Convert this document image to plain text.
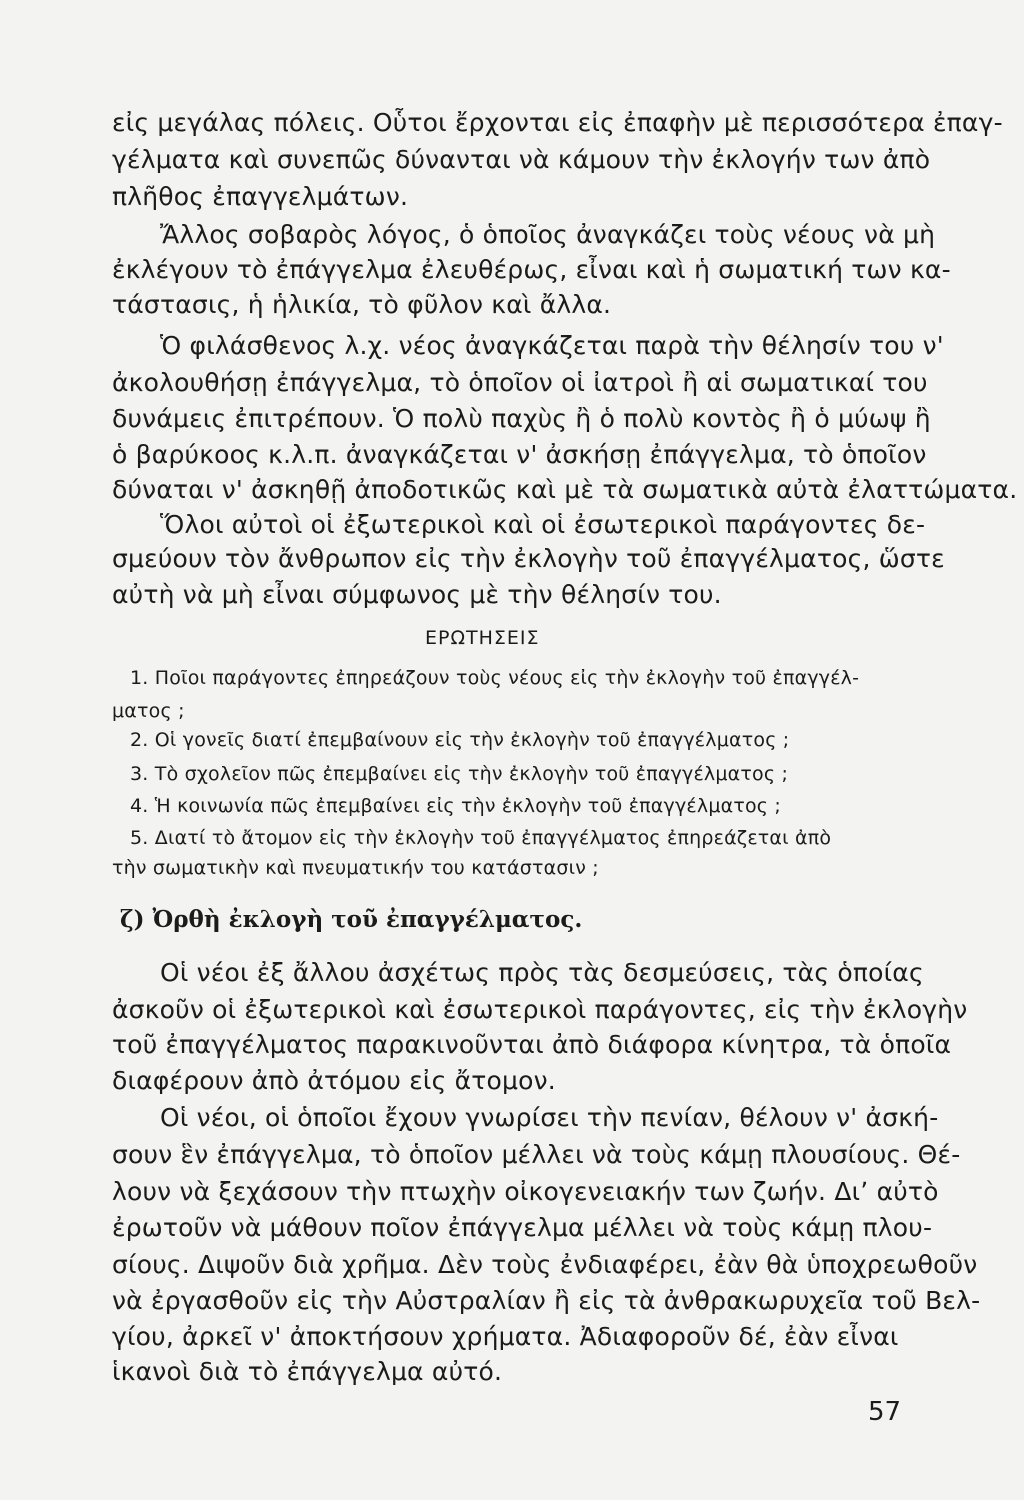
εἰς μεγάλας πόλεις. Οὗτοι ἔρχονται εἰς ἐπαφὴν μὲ περισσότερα ἐπαγ-
γέλματα καὶ συνεπῶς δύνανται νὰ κάμουν τὴν ἐκλογήν των ἀπὸ
πλῆθος ἐπαγγελμάτων.
Ἄλλος σοβαρὸς λόγος, ὁ ὁποῖος ἀναγκάζει τοὺς νέους νὰ μὴ
ἐκλέγουν τὸ ἐπάγγελμα ἐλευθέρως, εἶναι καὶ ἡ σωματική των κα-
τάστασις, ἡ ἡλικία, τὸ φῦλον καὶ ἄλλα.
Ὁ φιλάσθενος λ.χ. νέος ἀναγκάζεται παρὰ τὴν θέλησίν του ν'
ἀκολουθήσῃ ἐπάγγελμα, τὸ ὁποῖον οἱ ἰατροὶ ἢ αἱ σωματικαί του
δυνάμεις ἐπιτρέπουν. Ὁ πολὺ παχὺς ἢ ὁ πολὺ κοντὸς ἢ ὁ μύωψ ἢ
ὁ βαρύκοος κ.λ.π. ἀναγκάζεται ν' ἀσκήσῃ ἐπάγγελμα, τὸ ὁποῖον
δύναται ν' ἀσκηθῇ ἀποδοτικῶς καὶ μὲ τὰ σωματικὰ αὐτὰ ἐλαττώματα.
Ὅλοι αὐτοὶ οἱ ἐξωτερικοὶ καὶ οἱ ἐσωτερικοὶ παράγοντες δε-
σμεύουν τὸν ἄνθρωπον εἰς τὴν ἐκλογὴν τοῦ ἐπαγγέλματος, ὥστε
αὐτὴ νὰ μὴ εἶναι σύμφωνος μὲ τὴν θέλησίν του.
ΕΡΩΤΗΣΕΙΣ
1. Ποῖοι παράγοντες ἐπηρεάζουν τοὺς νέους εἰς τὴν ἐκλογὴν τοῦ ἐπαγγέλ-
ματος ;
2. Οἱ γονεῖς διατί ἐπεμβαίνουν εἰς τὴν ἐκλογὴν τοῦ ἐπαγγέλματος ;
3. Τὸ σχολεῖον πῶς ἐπεμβαίνει εἰς τὴν ἐκλογὴν τοῦ ἐπαγγέλματος ;
4. Ἡ κοινωνία πῶς ἐπεμβαίνει εἰς τὴν ἐκλογὴν τοῦ ἐπαγγέλματος ;
5. Διατί τὸ ἄτομον εἰς τὴν ἐκλογὴν τοῦ ἐπαγγέλματος ἐπηρεάζεται ἀπὸ
τὴν σωματικὴν καὶ πνευματικήν του κατάστασιν ;
ζ) Ὀρθὴ ἐκλογὴ τοῦ ἐπαγγέλματος.
Οἱ νέοι ἐξ ἄλλου ἀσχέτως πρὸς τὰς δεσμεύσεις, τὰς ὁποίας
ἀσκοῦν οἱ ἐξωτερικοὶ καὶ ἐσωτερικοὶ παράγοντες, εἰς τὴν ἐκλογὴν
τοῦ ἐπαγγέλματος παρακινοῦνται ἀπὸ διάφορα κίνητρα, τὰ ὁποῖα
διαφέρουν ἀπὸ ἀτόμου εἰς ἄτομον.
Οἱ νέοι, οἱ ὁποῖοι ἔχουν γνωρίσει τὴν πενίαν, θέλουν ν' ἀσκή-
σουν ἓν ἐπάγγελμα, τὸ ὁποῖον μέλλει νὰ τοὺς κάμῃ πλουσίους. Θέ-
λουν νὰ ξεχάσουν τὴν πτωχὴν οἰκογενειακήν των ζωήν. Διʼ αὐτὸ
ἐρωτοῦν νὰ μάθουν ποῖον ἐπάγγελμα μέλλει νὰ τοὺς κάμῃ πλου-
σίους. Διψοῦν διὰ χρῆμα. Δὲν τοὺς ἐνδιαφέρει, ἐὰν θὰ ὑποχρεωθοῦν
νὰ ἐργασθοῦν εἰς τὴν Αὐστραλίαν ἢ εἰς τὰ ἀνθρακωρυχεῖα τοῦ Βελ-
γίου, ἀρκεῖ ν' ἀποκτήσουν χρήματα. Ἀδιαφοροῦν δέ, ἐὰν εἶναι
ἱκανοὶ διὰ τὸ ἐπάγγελμα αὐτό.
57
